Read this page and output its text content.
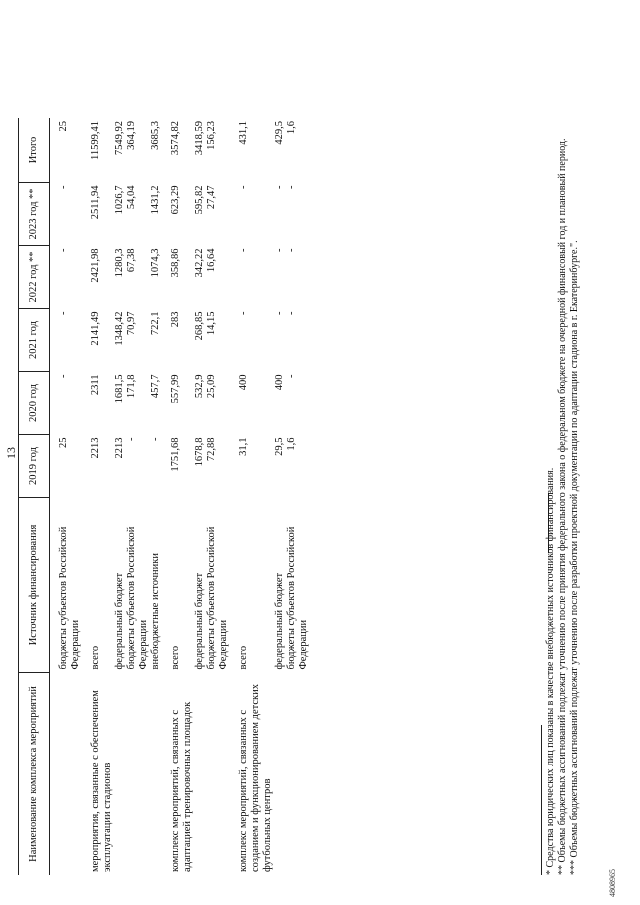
13
Наименование комплекса мероприятий	Источник финансирования	2019 год	2020 год	2021 год	2022 год **	2023 год **	Итого
	бюджеты субъектов Российской Федерации	25	-	-	-	-	25
мероприятия, связанные с обеспечением эксплуатации стадионов	всего	2213	2311	2141,49	2421,98	2511,94	11599,41
	федеральный бюджет	2213	1681,5	1348,42	1280,3	1026,7	7549,92
	бюджеты субъектов Российской Федерации	-	171,8	70,97	67,38	54,04	364,19
	внебюджетные источники	-	457,7	722,1	1074,3	1431,2	3685,3
комплекс мероприятий, связанных с адаптацией тренировочных площадок	всего	1751,68	557,99	283	358,86	623,29	3574,82
	федеральный бюджет	1678,8	532,9	268,85	342,22	595,82	3418,59
	бюджеты субъектов Российской Федерации	72,88	25,09	14,15	16,64	27,47	156,23
комплекс мероприятий, связанных с созданием и функционированием детских футбольных центров	всего	31,1	400	-	-	-	431,1
	федеральный бюджет	29,5	400	-	-	-	429,5
	бюджеты субъектов Российской Федерации	1,6	-	-	-	-	1,6

* Средства юридических лиц показаны в качестве внебюджетных источников финансирования. ** Объемы бюджетных ассигнований подлежат уточнению после принятия федерального закона о федеральном бюджете на очередной финансовый год и плановый период. *** Объемы бюджетных ассигнований подлежат уточнению после разработки проектной документации по адаптации стадиона в г. Екатеринбурге.".

4808965
